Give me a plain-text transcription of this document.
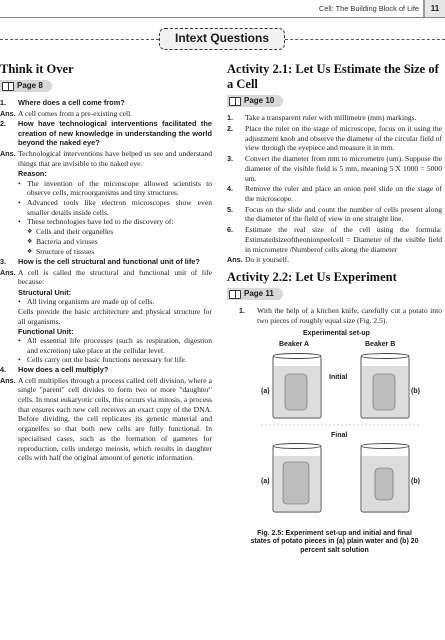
Cell: The Building Block of Life	11
Intext Questions
Think it Over
Page 8
1.	Where does a cell come from?
Ans. A cell comes from a pre-existing cell.
2.	How have technological interventions facilitated the creation of new knowledge in understanding the world beyond the naked eye?
Ans. Technological interventions have helped us see and understand things that are invisible to the naked eye.
Reason:
• The invention of the microscope allowed scientists to observe cells, microorganisms and tiny structures.
• Advanced tools like electron microscopes show even smaller details inside cells.
• These technologies have led to the discovery of:
❖ Cells and their organelles
❖ Bacteria and viruses
❖ Structure of tissues
3.	How is the cell structural and functional unit of life?
Ans. A cell is called the structural and functional unit of life because:
Structural Unit:
• All living organisms are made up of cells.
Cells provide the basic architecture and physical structure for all organisms.
Functional Unit:
• All essential life processes (such as respiration, digestion and excretion) take place at the cellular level.
• Cells carry out the basic functions necessary for life.
4.	How does a cell multiply?
Ans. A cell multiplies through a process called cell division, where a single "parent" cell divides to form two or more "daughter" cells. In most eukaryotic cells, this occurs via mitosis, a process that ensures each new cell receives an exact copy of the DNA. Before dividing, the cell replicates its genetic material and organelles so that both new cells are fully functional. In specialised cases, such as the formation of gametes for reproduction, cells undergo meiosis, which results in daughter cells with half the original amount of genetic information.
Activity 2.1: Let Us Estimate the Size of a Cell
Page 10
1.	Take a transparent ruler with millimetre (mm) markings.
2.	Place the ruler on the stage of microscope, focus on it using the adjustment knob and observe the diameter of the circular field of view through the eyepiece and measure it in mm.
3.	Convert the diameter from mm to micrometre (um). Suppose the diameter of the visible field is 5 mm, meaning 5 X 1000 = 5000 um.
4.	Remove the ruler and place an onion peel slide on the stage of the microscope.
5.	Focus on the slide and count the number of cells present along the diameter of the field of view in one straight line.
6.	Estimate the real size of the cell using the formula: Estimatedsizeoftheonionpeelcell = Diameter of the visible field in micrometre /Numberof cells along the diameter
Ans. Do it yourself.
Activity 2.2: Let Us Experiment
Page 11
1.	With the help of a kitchen knife, carefully cut a potato into two pieces of roughly equal size (Fig. 2.5).
Experimental set-up
Beaker A	Beaker B
Initial
(a)	(b)
Final
(a)	(b)
Fig. 2.5: Experiment set-up and initial and final states of potato pieces in (a) plain water and (b) 20 percent salt solution
